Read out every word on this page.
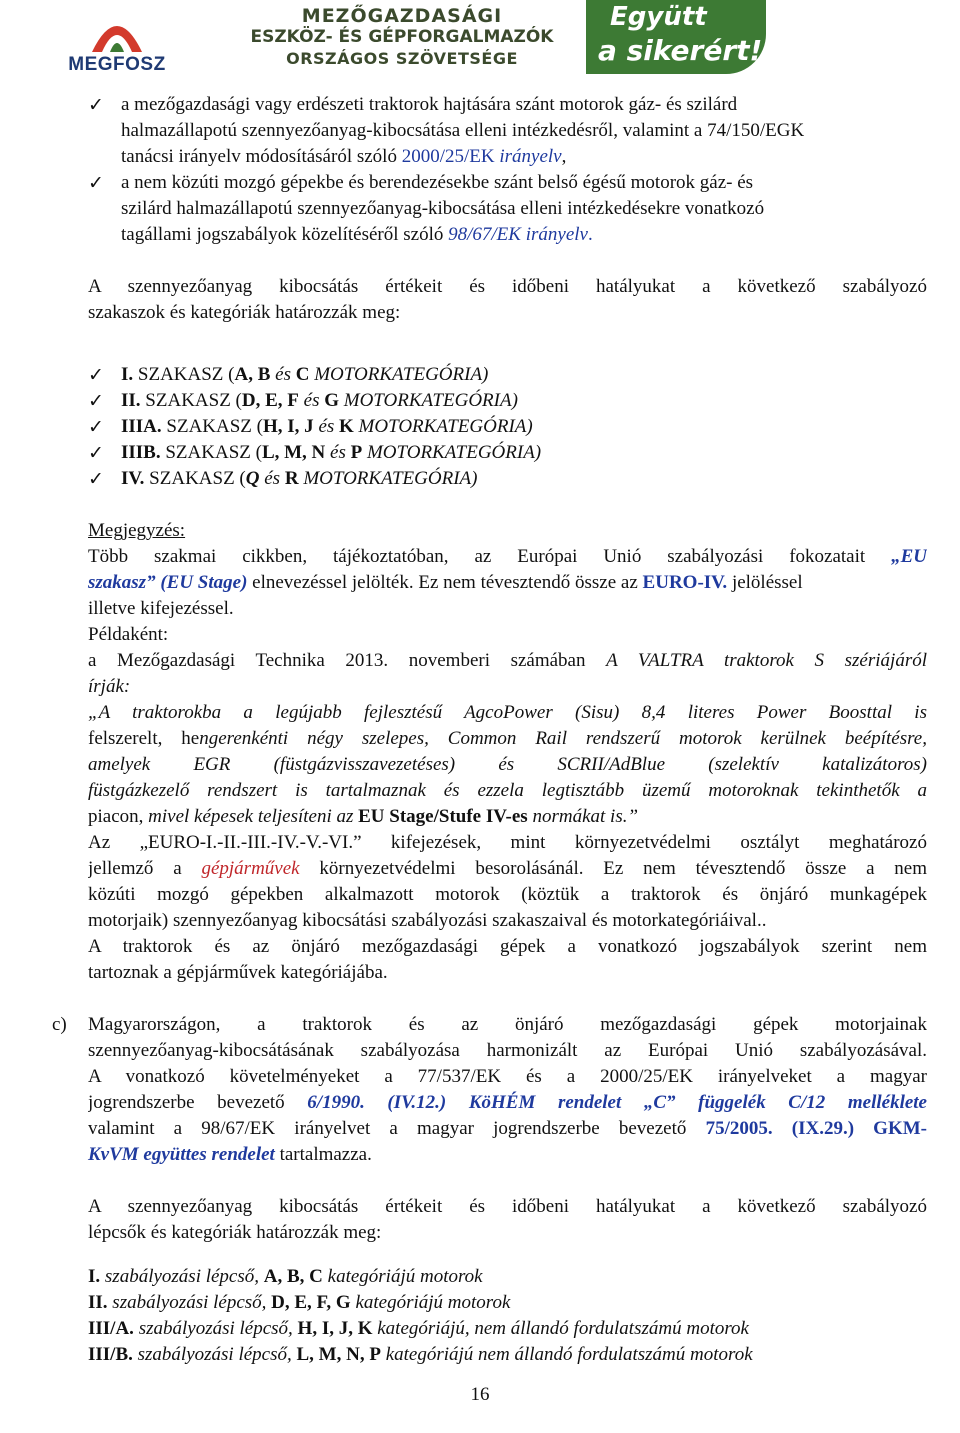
MEGFOSZ
MEZŐGAZDASÁGI
ESZKÖZ- ÉS GÉPFORGALMAZÓK
ORSZÁGOS SZÖVETSÉGE
Együtt
a sikerért!
✓ a mezőgazdasági vagy erdészeti traktorok hajtására szánt motorok gáz- és szilárd
halmazállapotú szennyezőanyag-kibocsátása elleni intézkedésről, valamint a 74/150/EGK
tanácsi irányelv módosításáról szóló 2000/25/EK irányelv,
✓ a nem közúti mozgó gépekbe és berendezésekbe szánt belső égésű motorok gáz- és
szilárd halmazállapotú szennyezőanyag-kibocsátása elleni intézkedésekre vonatkozó
tagállami jogszabályok közelítéséről szóló 98/67/EK irányelv.
A szennyezőanyag kibocsátás értékeit és időbeni hatályukat a következő szabályozó
szakaszok és kategóriák határozzák meg:
✓ I. SZAKASZ (A, B és C MOTORKATEGÓRIA)
✓ II. SZAKASZ (D, E, F és G MOTORKATEGÓRIA)
✓ IIIA. SZAKASZ (H, I, J és K MOTORKATEGÓRIA)
✓ IIIB. SZAKASZ (L, M, N és P MOTORKATEGÓRIA)
✓ IV. SZAKASZ (Q és R MOTORKATEGÓRIA)
Megjegyzés:
Több szakmai cikkben, tájékoztatóban, az Európai Unió szabályozási fokozatait „EU
szakasz” (EU Stage) elnevezéssel jelölték. Ez nem tévesztendő össze az EURO-IV. jelöléssel
illetve kifejezéssel.
Példaként:
a Mezőgazdasági Technika 2013. novemberi számában A VALTRA traktorok S szériájáról
írják:
„A traktorokba a legújabb fejlesztésű AgcoPower (Sisu) 8,4 literes Power Boosttal is
felszerelt, hengerenkénti négy szelepes, Common Rail rendszerű motorok kerülnek beépítésre,
amelyek EGR (füstgázvisszavezetéses) és SCRII/AdBlue (szelektív katalizátoros)
füstgázkezelő rendszert is tartalmaznak és ezzela legtisztább üzemű motoroknak tekinthetők a
piacon, mivel képesek teljesíteni az EU Stage/Stufe IV-es normákat is.”
Az „EURO-I.-II.-III.-IV.-V.-VI.” kifejezések, mint környezetvédelmi osztályt meghatározó
jellemző a gépjárművek környezetvédelmi besorolásánál. Ez nem tévesztendő össze a nem
közúti mozgó gépekben alkalmazott motorok (köztük a traktorok és önjáró munkagépek
motorjaik) szennyezőanyag kibocsátási szabályozási szakaszaival és motorkategóriáival..
A traktorok és az önjáró mezőgazdasági gépek a vonatkozó jogszabályok szerint nem
tartoznak a gépjárművek kategóriájába.
c) Magyarországon, a traktorok és az önjáró mezőgazdasági gépek motorjainak
szennyezőanyag-kibocsátásának szabályozása harmonizált az Európai Unió szabályozásával.
A vonatkozó követelményeket a 77/537/EK és a 2000/25/EK irányelveket a magyar
jogrendszerbe bevezető 6/1990. (IV.12.) KöHÉM rendelet „C” függelék C/12 melléklete
valamint a 98/67/EK irányelvet a magyar jogrendszerbe bevezető 75/2005. (IX.29.) GKM-
KvVM együttes rendelet tartalmazza.
A szennyezőanyag kibocsátás értékeit és időbeni hatályukat a következő szabályozó
lépcsők és kategóriák határozzák meg:
I. szabályozási lépcső, A, B, C kategóriájú motorok
II. szabályozási lépcső, D, E, F, G kategóriájú motorok
III/A. szabályozási lépcső, H, I, J, K kategóriájú, nem állandó fordulatszámú motorok
III/B. szabályozási lépcső, L, M, N, P kategóriájú nem állandó fordulatszámú motorok
16
